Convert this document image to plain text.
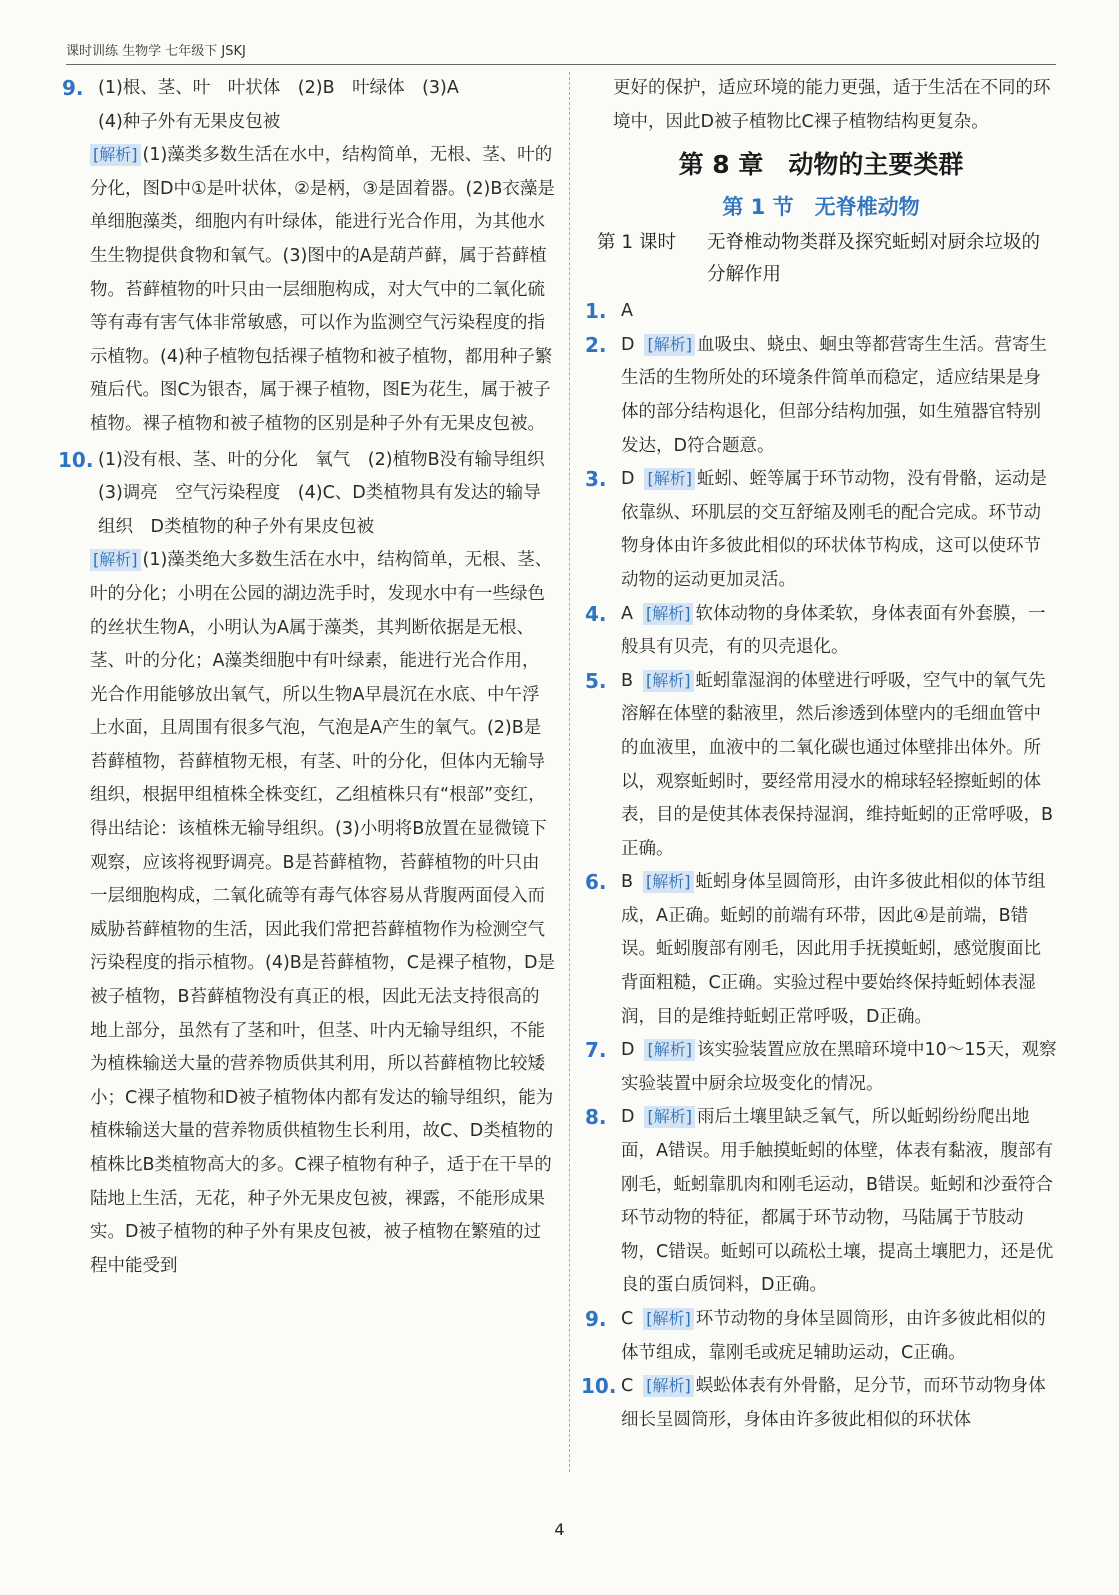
课时训练 生物学 七年级下 JSKJ
9. (1)根、茎、叶　叶状体　(2)B　叶绿体　(3)A

(4)种子外有无果皮包被

[解析] (1)藻类多数生活在水中，结构简单，无根、茎、叶的分化，图D中①是叶状体，②是柄，③是固着器。(2)B衣藻是单细胞藻类，细胞内有叶绿体，能进行光合作用，为其他水生生物提供食物和氧气。(3)图中的A是葫芦藓，属于苔藓植物。苔藓植物的叶只由一层细胞构成，对大气中的二氧化硫等有毒有害气体非常敏感，可以作为监测空气污染程度的指示植物。(4)种子植物包括裸子植物和被子植物，都用种子繁殖后代。图C为银杏，属于裸子植物，图E为花生，属于被子植物。裸子植物和被子植物的区别是种子外有无果皮包被。

10. (1)没有根、茎、叶的分化　氧气　(2)植物B没有输导组织　(3)调亮　空气污染程度　(4)C、D类植物具有发达的输导组织　D类植物的种子外有果皮包被

[解析] (1)藻类绝大多数生活在水中，结构简单，无根、茎、叶的分化；小明在公园的湖边洗手时，发现水中有一些绿色的丝状生物A，小明认为A属于藻类，其判断依据是无根、茎、叶的分化；A藻类细胞中有叶绿素，能进行光合作用，光合作用能够放出氧气，所以生物A早晨沉在水底、中午浮上水面，且周围有很多气泡，气泡是A产生的氧气。(2)B是苔藓植物，苔藓植物无根，有茎、叶的分化，但体内无输导组织，根据甲组植株全株变红，乙组植株只有“根部”变红，得出结论：该植株无输导组织。(3)小明将B放置在显微镜下观察，应该将视野调亮。B是苔藓植物，苔藓植物的叶只由一层细胞构成，二氧化硫等有毒气体容易从背腹两面侵入而威胁苔藓植物的生活，因此我们常把苔藓植物作为检测空气污染程度的指示植物。(4)B是苔藓植物，C是裸子植物，D是被子植物，B苔藓植物没有真正的根，因此无法支持很高的地上部分，虽然有了茎和叶，但茎、叶内无输导组织，不能为植株输送大量的营养物质供其利用，所以苔藓植物比较矮小；C裸子植物和D被子植物体内都有发达的输导组织，能为植株输送大量的营养物质供植物生长利用，故C、D类植物的植株比B类植物高大的多。C裸子植物有种子，适于在干旱的陆地上生活，无花，种子外无果皮包被，裸露，不能形成果实。D被子植物的种子外有果皮包被，被子植物在繁殖的过程中能受到

更好的保护，适应环境的能力更强，适于生活在不同的环境中，因此D被子植物比C裸子植物结构更复杂。

第 8 章　动物的主要类群
第 1 节　无脊椎动物
第 1 课时 无脊椎动物类群及探究蚯蚓对厨余垃圾的分解作用
1. A

2. D [解析] 血吸虫、蛲虫、蛔虫等都营寄生生活。营寄生生活的生物所处的环境条件简单而稳定，适应结果是身体的部分结构退化，但部分结构加强，如生殖器官特别发达，D符合题意。

3. D [解析] 蚯蚓、蛭等属于环节动物，没有骨骼，运动是依靠纵、环肌层的交互舒缩及刚毛的配合完成。环节动物身体由许多彼此相似的环状体节构成，这可以使环节动物的运动更加灵活。

4. A [解析] 软体动物的身体柔软，身体表面有外套膜，一般具有贝壳，有的贝壳退化。

5. B [解析] 蚯蚓靠湿润的体壁进行呼吸，空气中的氧气先溶解在体壁的黏液里，然后渗透到体壁内的毛细血管中的血液里，血液中的二氧化碳也通过体壁排出体外。所以，观察蚯蚓时，要经常用浸水的棉球轻轻擦蚯蚓的体表，目的是使其体表保持湿润，维持蚯蚓的正常呼吸，B正确。

6. B [解析] 蚯蚓身体呈圆筒形，由许多彼此相似的体节组成，A正确。蚯蚓的前端有环带，因此④是前端，B错误。蚯蚓腹部有刚毛，因此用手抚摸蚯蚓，感觉腹面比背面粗糙，C正确。实验过程中要始终保持蚯蚓体表湿润，目的是维持蚯蚓正常呼吸，D正确。

7. D [解析] 该实验装置应放在黑暗环境中10～15天，观察实验装置中厨余垃圾变化的情况。

8. D [解析] 雨后土壤里缺乏氧气，所以蚯蚓纷纷爬出地面，A错误。用手触摸蚯蚓的体壁，体表有黏液，腹部有刚毛，蚯蚓靠肌肉和刚毛运动，B错误。蚯蚓和沙蚕符合环节动物的特征，都属于环节动物，马陆属于节肢动物，C错误。蚯蚓可以疏松土壤，提高土壤肥力，还是优良的蛋白质饲料，D正确。

9. C [解析] 环节动物的身体呈圆筒形，由许多彼此相似的体节组成，靠刚毛或疣足辅助运动，C正确。

10. C [解析] 蜈蚣体表有外骨骼，足分节，而环节动物身体细长呈圆筒形，身体由许多彼此相似的环状体

4
